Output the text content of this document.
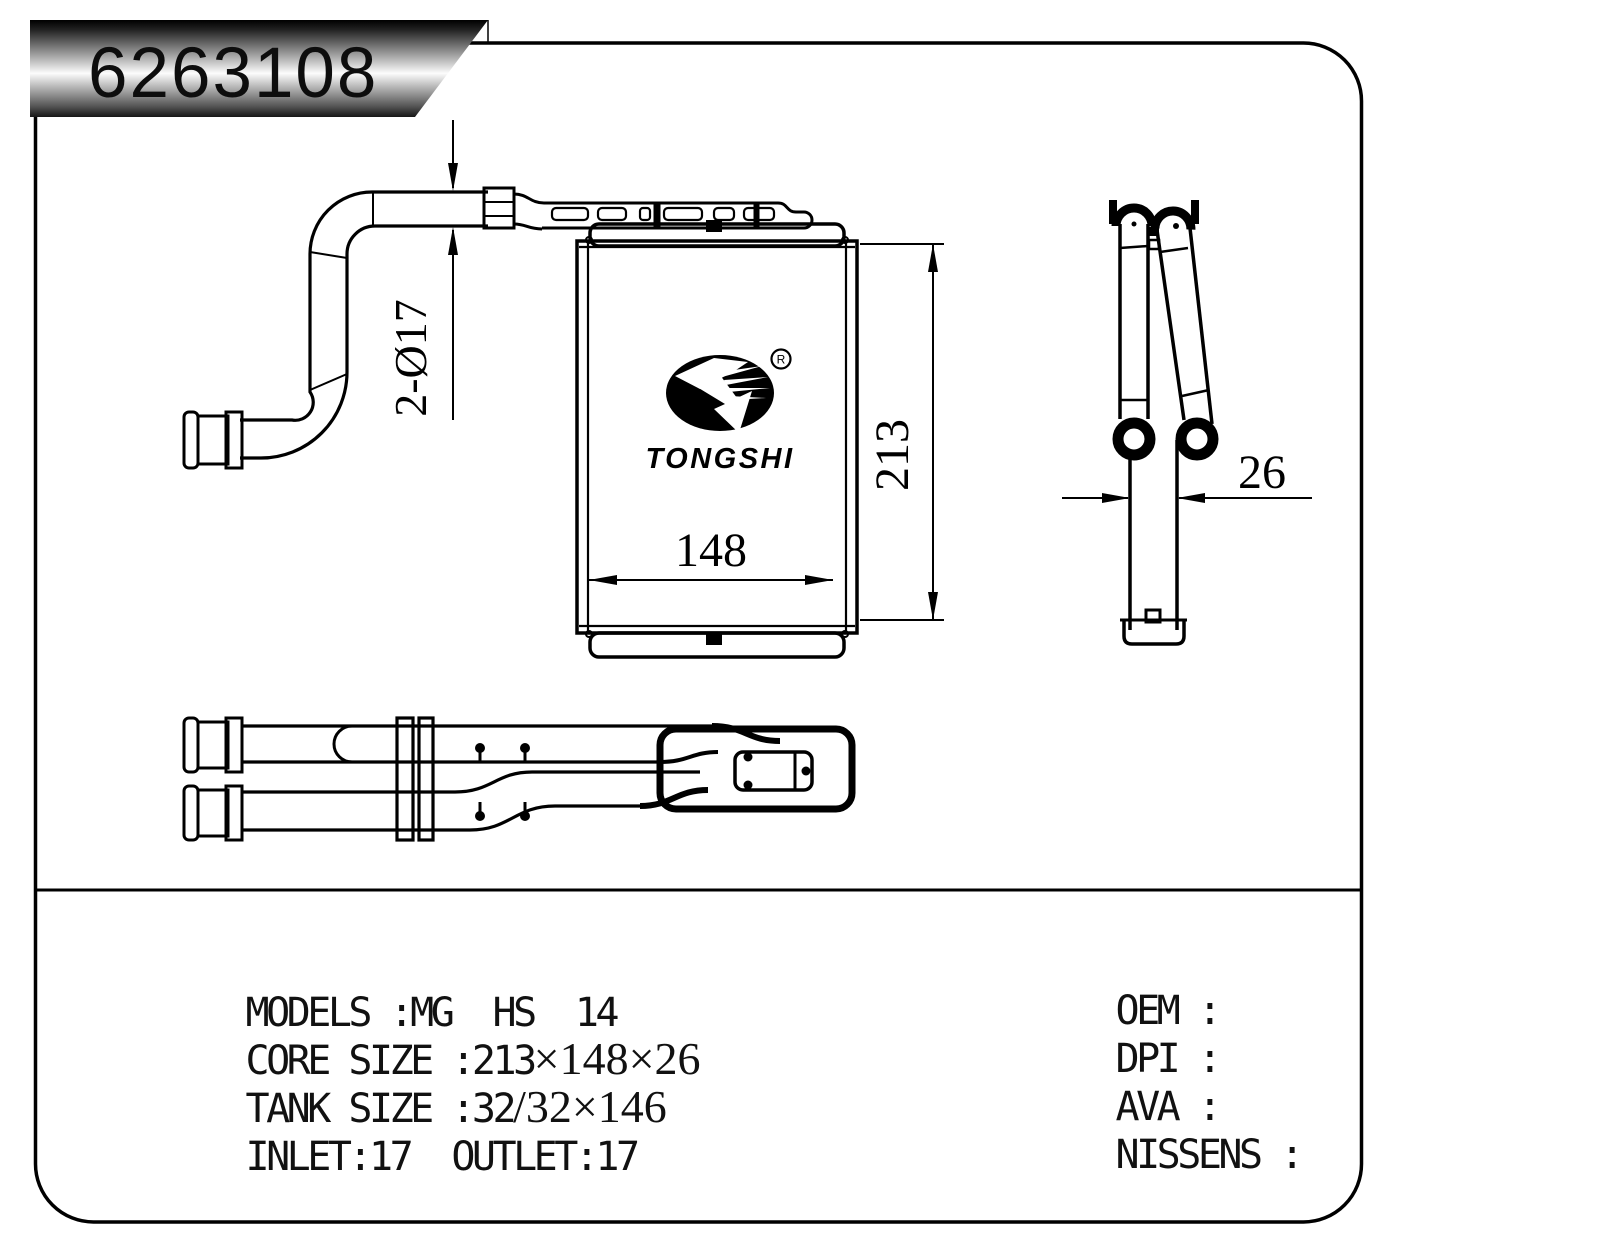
6263108
R
TONGSHI
2-Ø17
148
213	26

MODELS :MG  HS  14

CORE SIZE :213×148×26

TANK SIZE :32/32×146

INLET:17  OUTLET:17

OEM :

DPI :

AVA :

NISSENS :
